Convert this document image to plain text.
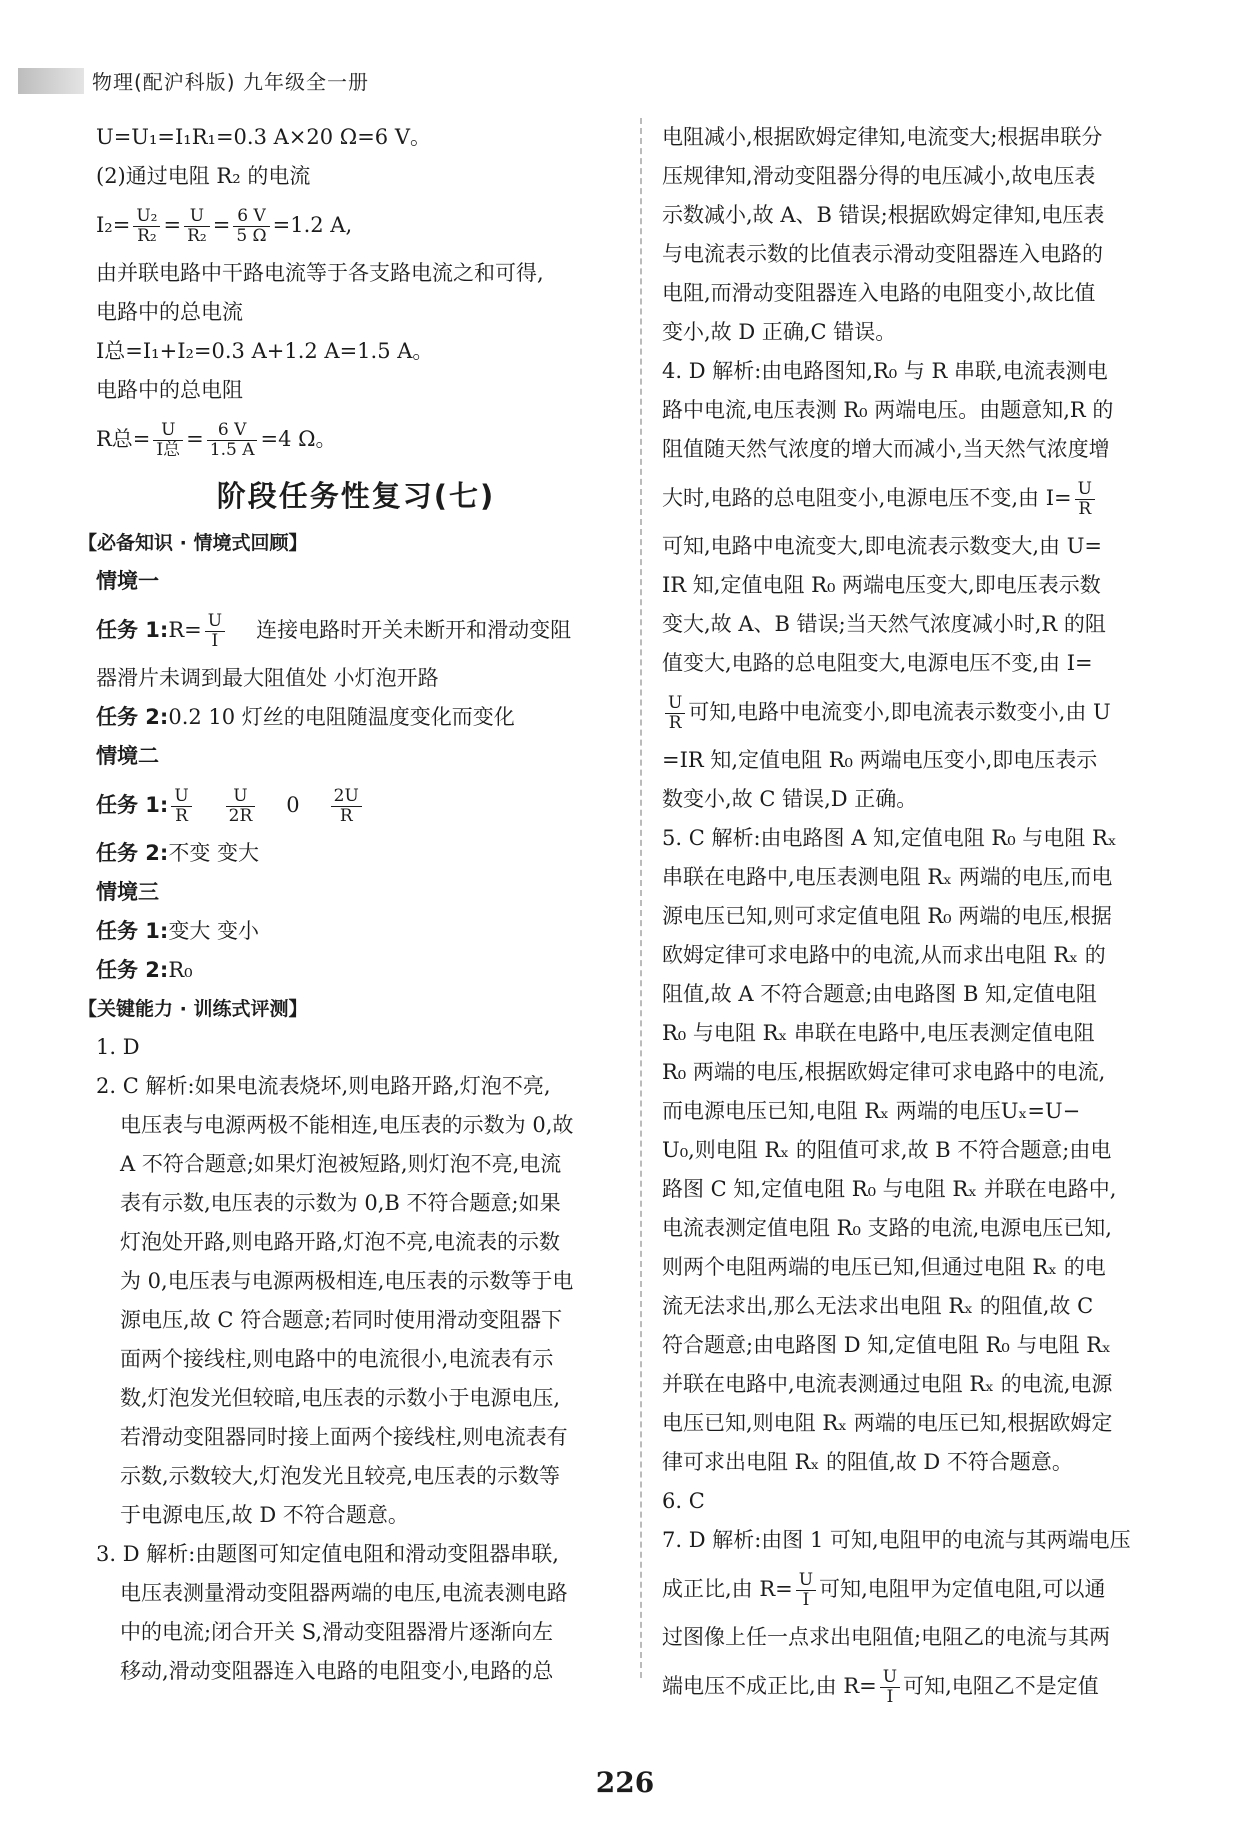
物理(配沪科版) 九年级全一册
U=U₁=I₁R₁=0.3 A×20 Ω=6 V。
(2)通过电阻 R₂ 的电流
$I_2= \frac{\text{U₂}}{\text{R₂}} = \frac{U}{\text{R₂}} = \frac{6 V}{5 \Omega} =1.2$ A,
由并联电路中干路电流等于各支路电流之和可得,
电路中的总电流
I总=I₁+I₂=0.3 A+1.2 A=1.5 A。
电路中的总电阻
R总= $\frac{U}{\text{I总}} = \frac{6 V}{1.5 A} =4$ Ω。
阶段任务性复习(七)
【必备知识 · 情境式回顾】
情境一
任务 1:R= $\frac{U}{I}$ 连接电路时开关未断开和滑动变阻
器滑片未调到最大阻值处 小灯泡开路
任务 2:0.2 10 灯丝的电阻随温度变化而变化
情境二
任务 1: $\frac{U}{R} \frac{U}{2R} 0 \frac{2U}{R}$
任务 2:不变 变大
情境三
任务 1:变大 变小
任务 2:R₀
【关键能力 · 训练式评测】
1. D
2. C 解析:如果电流表烧坏,则电路开路,灯泡不亮,
电压表与电源两极不能相连,电压表的示数为 0,故
A 不符合题意;如果灯泡被短路,则灯泡不亮,电流
表有示数,电压表的示数为 0,B 不符合题意;如果
灯泡处开路,则电路开路,灯泡不亮,电流表的示数
为 0,电压表与电源两极相连,电压表的示数等于电
源电压,故 C 符合题意;若同时使用滑动变阻器下
面两个接线柱,则电路中的电流很小,电流表有示
数,灯泡发光但较暗,电压表的示数小于电源电压,
若滑动变阻器同时接上面两个接线柱,则电流表有
示数,示数较大,灯泡发光且较亮,电压表的示数等
于电源电压,故 D 不符合题意。
3. D 解析:由题图可知定值电阻和滑动变阻器串联,
电压表测量滑动变阻器两端的电压,电流表测电路
中的电流;闭合开关 S,滑动变阻器滑片逐渐向左
移动,滑动变阻器连入电路的电阻变小,电路的总
电阻减小,根据欧姆定律知,电流变大;根据串联分
压规律知,滑动变阻器分得的电压减小,故电压表
示数减小,故 A、B 错误;根据欧姆定律知,电压表
与电流表示数的比值表示滑动变阻器连入电路的
电阻,而滑动变阻器连入电路的电阻变小,故比值
变小,故 D 正确,C 错误。
4. D 解析:由电路图知,R₀ 与 R 串联,电流表测电
路中电流,电压表测 R₀ 两端电压。由题意知,R 的
阻值随天然气浓度的增大而减小,当天然气浓度增
大时,电路的总电阻变小,电源电压不变,由 $I= \frac{U}{R}$
可知,电路中电流变大,即电流表示数变大,由 U=
IR 知,定值电阻 R₀ 两端电压变大,即电压表示数
变大,故 A、B 错误;当天然气浓度减小时,R 的阻
值变大,电路的总电阻变大,电源电压不变,由 I=
$\frac{U}{R}$ 可知,电路中电流变小,即电流表示数变小,由 U
=IR 知,定值电阻 R₀ 两端电压变小,即电压表示
数变小,故 C 错误,D 正确。
5. C 解析:由电路图 A 知,定值电阻 R₀ 与电阻 Rₓ
串联在电路中,电压表测电阻 Rₓ 两端的电压,而电
源电压已知,则可求定值电阻 R₀ 两端的电压,根据
欧姆定律可求电路中的电流,从而求出电阻 Rₓ 的
阻值,故 A 不符合题意;由电路图 B 知,定值电阻
R₀ 与电阻 Rₓ 串联在电路中,电压表测定值电阻
R₀ 两端的电压,根据欧姆定律可求电路中的电流,
而电源电压已知,电阻 Rₓ 两端的电压Uₓ=U−
U₀,则电阻 Rₓ 的阻值可求,故 B 不符合题意;由电
路图 C 知,定值电阻 R₀ 与电阻 Rₓ 并联在电路中,
电流表测定值电阻 R₀ 支路的电流,电源电压已知,
则两个电阻两端的电压已知,但通过电阻 Rₓ 的电
流无法求出,那么无法求出电阻 Rₓ 的阻值,故 C
符合题意;由电路图 D 知,定值电阻 R₀ 与电阻 Rₓ
并联在电路中,电流表测通过电阻 Rₓ 的电流,电源
电压已知,则电阻 Rₓ 两端的电压已知,根据欧姆定
律可求出电阻 Rₓ 的阻值,故 D 不符合题意。
6. C
7. D 解析:由图 1 可知,电阻甲的电流与其两端电压
成正比,由 $R= \frac{U}{I}$ 可知,电阻甲为定值电阻,可以通
过图像上任一点求出电阻值;电阻乙的电流与其两
端电压不成正比,由 $R= \frac{U}{I}$ 可知,电阻乙不是定值
226
